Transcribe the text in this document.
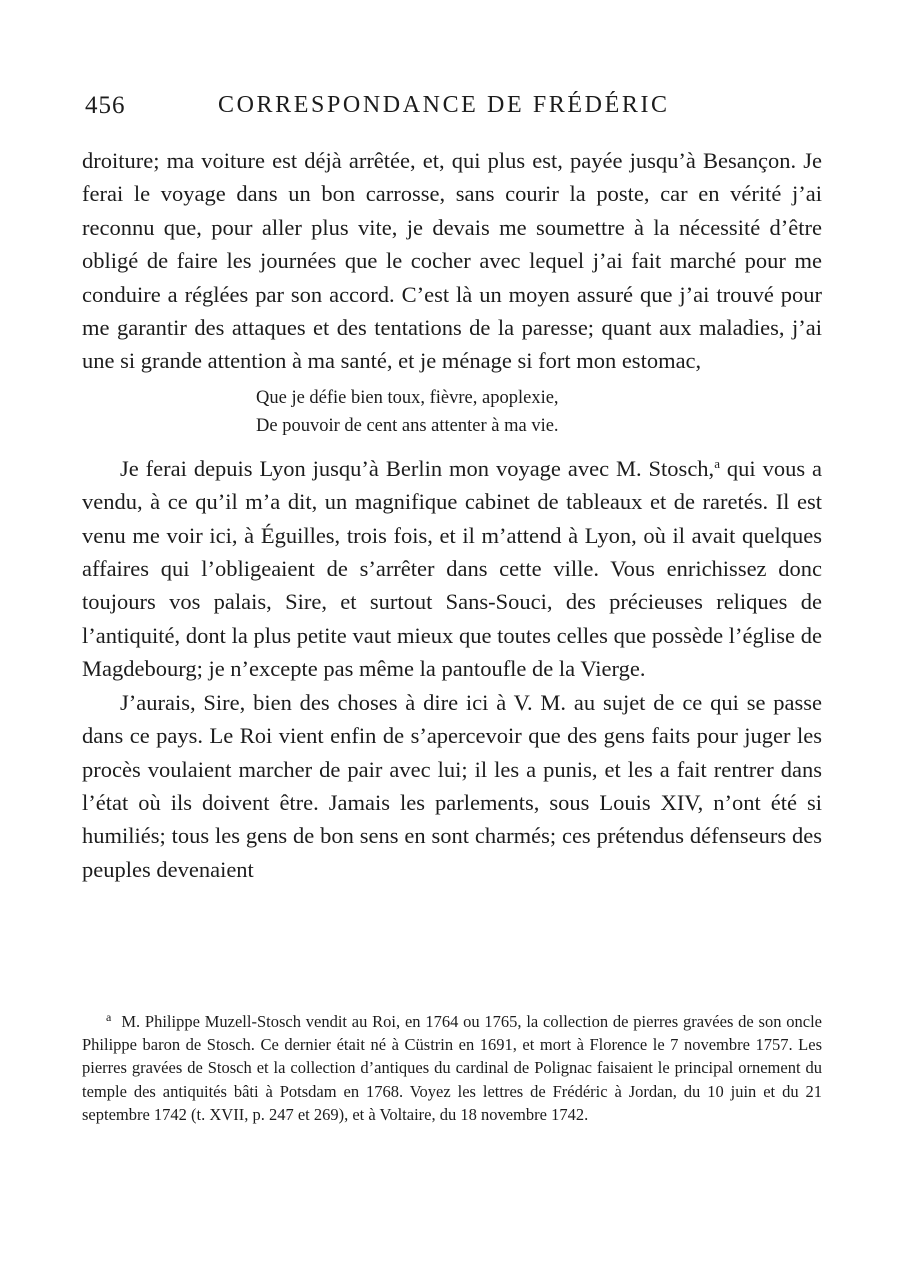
456	CORRESPONDANCE DE FRÉDÉRIC

droiture; ma voiture est déjà arrêtée, et, qui plus est, payée jusqu’à Besançon. Je ferai le voyage dans un bon carrosse, sans courir la poste, car en vérité j’ai reconnu que, pour aller plus vite, je devais me soumettre à la nécessité d’être obligé de faire les journées que le cocher avec lequel j’ai fait marché pour me conduire a réglées par son accord. C’est là un moyen assuré que j’ai trouvé pour me garantir des attaques et des tentations de la paresse; quant aux maladies, j’ai une si grande attention à ma santé, et je ménage si fort mon estomac,

Que je défie bien toux, fièvre, apoplexie,
De pouvoir de cent ans attenter à ma vie.

Je ferai depuis Lyon jusqu’à Berlin mon voyage avec M. Stosch,$^a$ qui vous a vendu, à ce qu’il m’a dit, un magnifique cabinet de tableaux et de raretés. Il est venu me voir ici, à Éguilles, trois fois, et il m’attend à Lyon, où il avait quelques affaires qui l’obligeaient de s’arrêter dans cette ville. Vous enrichissez donc toujours vos palais, Sire, et surtout Sans-Souci, des précieuses reliques de l’antiquité, dont la plus petite vaut mieux que toutes celles que possède l’église de Magdebourg; je n’excepte pas même la pantoufle de la Vierge.

J’aurais, Sire, bien des choses à dire ici à V. M. au sujet de ce qui se passe dans ce pays. Le Roi vient enfin de s’apercevoir que des gens faits pour juger les procès voulaient marcher de pair avec lui; il les a punis, et les a fait rentrer dans l’état où ils doivent être. Jamais les parlements, sous Louis XIV, n’ont été si humiliés; tous les gens de bon sens en sont charmés; ces prétendus défenseurs des peuples devenaient

$^a$ M. Philippe Muzell-Stosch vendit au Roi, en 1764 ou 1765, la collection de pierres gravées de son oncle Philippe baron de Stosch. Ce dernier était né à Cüstrin en 1691, et mort à Florence le 7 novembre 1757. Les pierres gravées de Stosch et la collection d’antiques du cardinal de Polignac faisaient le principal ornement du temple des antiquités bâti à Potsdam en 1768. Voyez les lettres de Frédéric à Jordan, du 10 juin et du 21 septembre 1742 (t. XVII, p. 247 et 269), et à Voltaire, du 18 novembre 1742.
